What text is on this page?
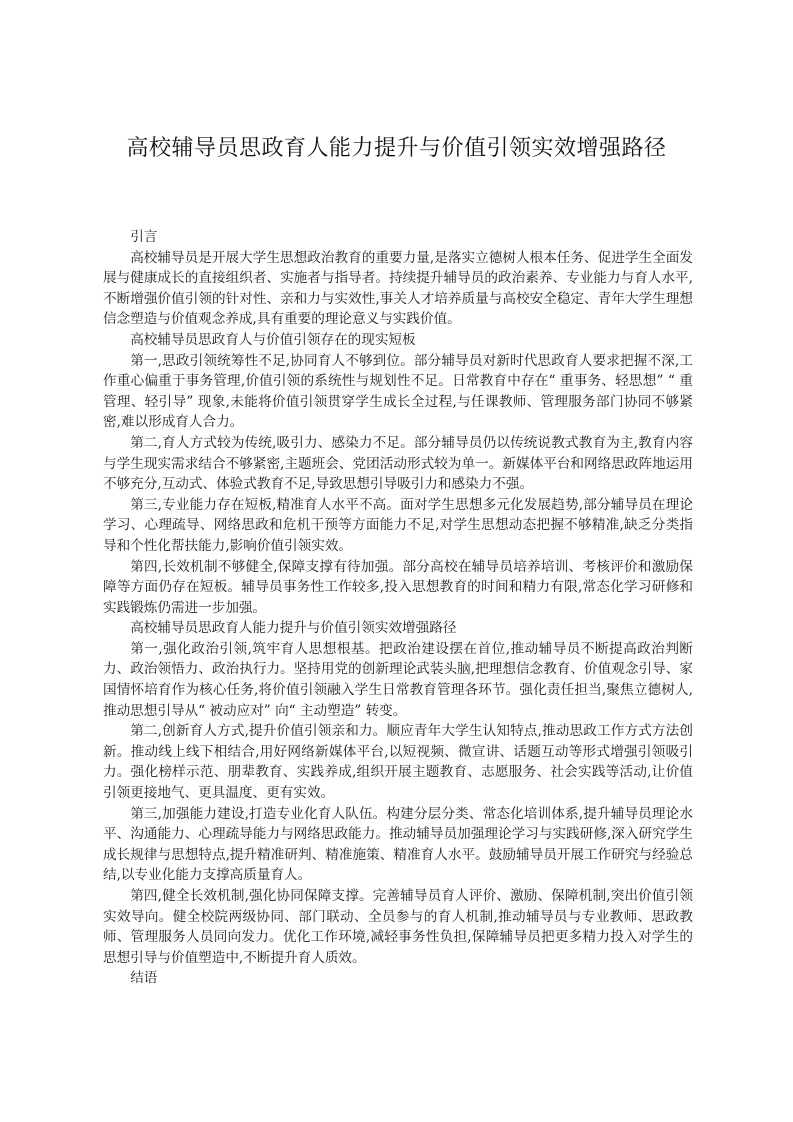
高校辅导员思政育人能力提升与价值引领实效增强路径

引言

高校辅导员是开展大学生思想政治教育的重要力量,是落实立德树人根本任务、促进学生全面发展与健康成长的直接组织者、实施者与指导者。持续提升辅导员的政治素养、专业能力与育人水平,不断增强价值引领的针对性、亲和力与实效性,事关人才培养质量与高校安全稳定、青年大学生理想信念塑造与价值观念养成,具有重要的理论意义与实践价值。

高校辅导员思政育人与价值引领存在的现实短板

第一,思政引领统筹性不足,协同育人不够到位。部分辅导员对新时代思政育人要求把握不深,工作重心偏重于事务管理,价值引领的系统性与规划性不足。日常教育中存在“ 重事务、轻思想” “ 重管理、轻引导” 现象,未能将价值引领贯穿学生成长全过程,与任课教师、管理服务部门协同不够紧密,难以形成育人合力。

第二,育人方式较为传统,吸引力、感染力不足。部分辅导员仍以传统说教式教育为主,教育内容与学生现实需求结合不够紧密,主题班会、党团活动形式较为单一。新媒体平台和网络思政阵地运用不够充分,互动式、体验式教育不足,导致思想引导吸引力和感染力不强。

第三,专业能力存在短板,精准育人水平不高。面对学生思想多元化发展趋势,部分辅导员在理论学习、心理疏导、网络思政和危机干预等方面能力不足,对学生思想动态把握不够精准,缺乏分类指导和个性化帮扶能力,影响价值引领实效。

第四,长效机制不够健全,保障支撑有待加强。部分高校在辅导员培养培训、考核评价和激励保障等方面仍存在短板。辅导员事务性工作较多,投入思想教育的时间和精力有限,常态化学习研修和实践锻炼仍需进一步加强。

高校辅导员思政育人能力提升与价值引领实效增强路径

第一,强化政治引领,筑牢育人思想根基。把政治建设摆在首位,推动辅导员不断提高政治判断力、政治领悟力、政治执行力。坚持用党的创新理论武装头脑,把理想信念教育、价值观念引导、家国情怀培育作为核心任务,将价值引领融入学生日常教育管理各环节。强化责任担当,聚焦立德树人,推动思想引导从“ 被动应对” 向“ 主动塑造” 转变。

第二,创新育人方式,提升价值引领亲和力。顺应青年大学生认知特点,推动思政工作方式方法创新。推动线上线下相结合,用好网络新媒体平台,以短视频、微宣讲、话题互动等形式增强引领吸引力。强化榜样示范、朋辈教育、实践养成,组织开展主题教育、志愿服务、社会实践等活动,让价值引领更接地气、更具温度、更有实效。

第三,加强能力建设,打造专业化育人队伍。构建分层分类、常态化培训体系,提升辅导员理论水平、沟通能力、心理疏导能力与网络思政能力。推动辅导员加强理论学习与实践研修,深入研究学生成长规律与思想特点,提升精准研判、精准施策、精准育人水平。鼓励辅导员开展工作研究与经验总结,以专业化能力支撑高质量育人。

第四,健全长效机制,强化协同保障支撑。完善辅导员育人评价、激励、保障机制,突出价值引领实效导向。健全校院两级协同、部门联动、全员参与的育人机制,推动辅导员与专业教师、思政教师、管理服务人员同向发力。优化工作环境,减轻事务性负担,保障辅导员把更多精力投入对学生的思想引导与价值塑造中,不断提升育人质效。

结语
